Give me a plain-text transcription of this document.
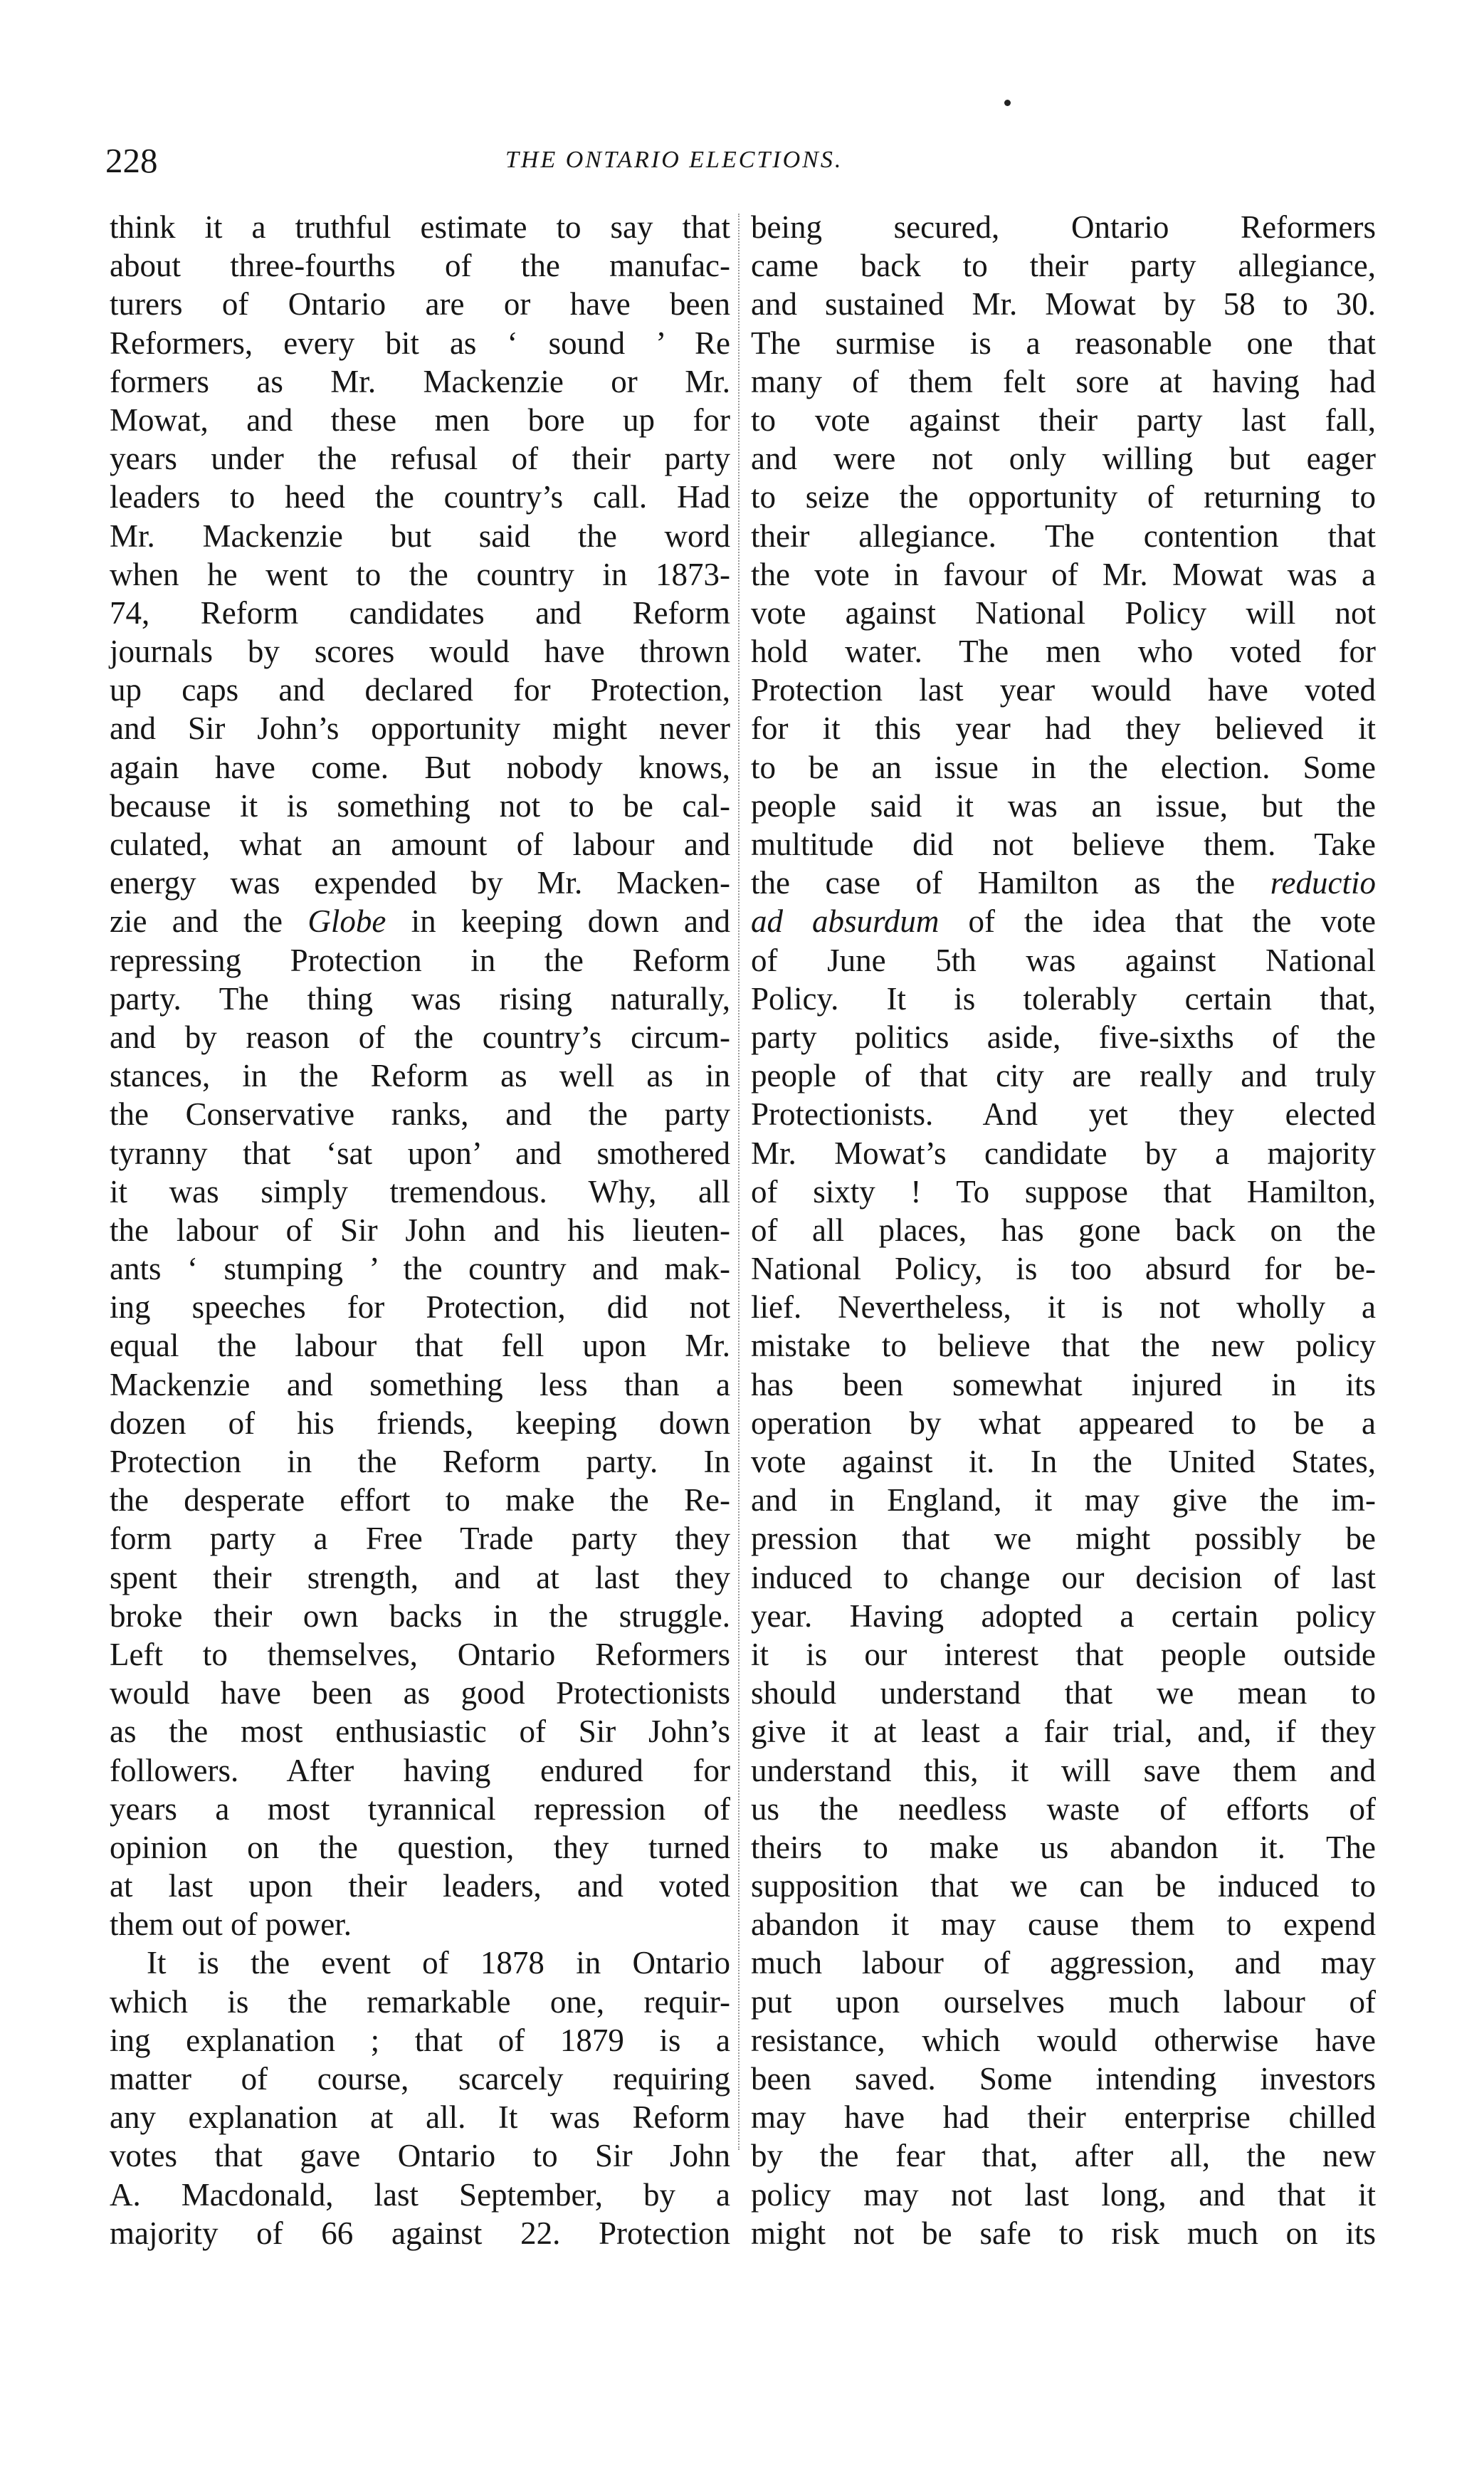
228	THE ONTARIO ELECTIONS.
think it a truthful estimate to say that
about three-fourths of the manufac-
turers of Ontario are or have been
Reformers, every bit as ‘ sound ’ Re
formers as Mr. Mackenzie or Mr.
Mowat, and these men bore up for
years under the refusal of their party
leaders to heed the country’s call. Had
Mr. Mackenzie but said the word
when he went to the country in 1873-
74, Reform candidates and Reform
journals by scores would have thrown
up caps and declared for Protection,
and Sir John’s opportunity might never
again have come. But nobody knows,
because it is something not to be cal-
culated, what an amount of labour and
energy was expended by Mr. Macken-
zie and the Globe in keeping down and
repressing Protection in the Reform
party. The thing was rising naturally,
and by reason of the country’s circum-
stances, in the Reform as well as in
the Conservative ranks, and the party
tyranny that ‘sat upon’ and smothered
it was simply tremendous. Why, all
the labour of Sir John and his lieuten-
ants ‘ stumping ’ the country and mak-
ing speeches for Protection, did not
equal the labour that fell upon Mr.
Mackenzie and something less than a
dozen of his friends, keeping down
Protection in the Reform party. In
the desperate effort to make the Re-
form party a Free Trade party they
spent their strength, and at last they
broke their own backs in the struggle.
Left to themselves, Ontario Reformers
would have been as good Protectionists
as the most enthusiastic of Sir John’s
followers. After having endured for
years a most tyrannical repression of
opinion on the question, they turned
at last upon their leaders, and voted
them out of power.
It is the event of 1878 in Ontario
which is the remarkable one, requir-
ing explanation ; that of 1879 is a
matter of course, scarcely requiring
any explanation at all. It was Reform
votes that gave Ontario to Sir John
A. Macdonald, last September, by a
majority of 66 against 22. Protection
being secured, Ontario Reformers
came back to their party allegiance,
and sustained Mr. Mowat by 58 to 30.
The surmise is a reasonable one that
many of them felt sore at having had
to vote against their party last fall,
and were not only willing but eager
to seize the opportunity of returning to
their allegiance. The contention that
the vote in favour of Mr. Mowat was a
vote against National Policy will not
hold water. The men who voted for
Protection last year would have voted
for it this year had they believed it
to be an issue in the election. Some
people said it was an issue, but the
multitude did not believe them. Take
the case of Hamilton as the reductio
ad absurdum of the idea that the vote
of June 5th was against National
Policy. It is tolerably certain that,
party politics aside, five-sixths of the
people of that city are really and truly
Protectionists. And yet they elected
Mr. Mowat’s candidate by a majority
of sixty ! To suppose that Hamilton,
of all places, has gone back on the
National Policy, is too absurd for be-
lief. Nevertheless, it is not wholly a
mistake to believe that the new policy
has been somewhat injured in its
operation by what appeared to be a
vote against it. In the United States,
and in England, it may give the im-
pression that we might possibly be
induced to change our decision of last
year. Having adopted a certain policy
it is our interest that people outside
should understand that we mean to
give it at least a fair trial, and, if they
understand this, it will save them and
us the needless waste of efforts of
theirs to make us abandon it. The
supposition that we can be induced to
abandon it may cause them to expend
much labour of aggression, and may
put upon ourselves much labour of
resistance, which would otherwise have
been saved. Some intending investors
may have had their enterprise chilled
by the fear that, after all, the new
policy may not last long, and that it
might not be safe to risk much on its
